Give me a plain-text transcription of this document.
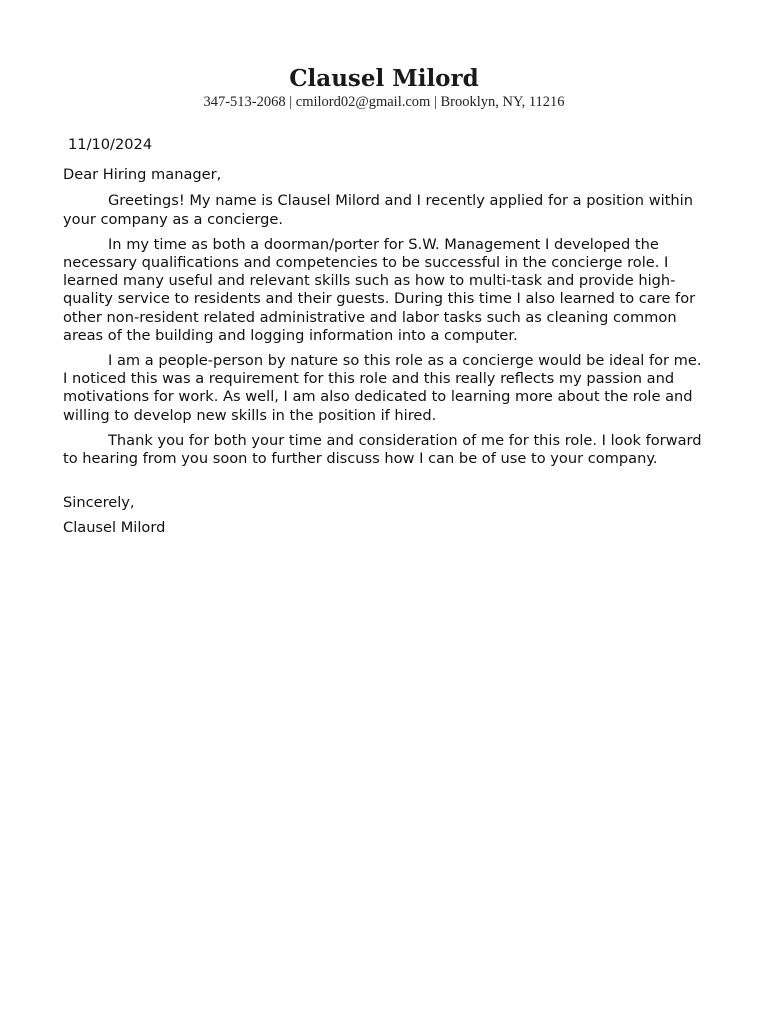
Clausel Milord
347-513-2068 | cmilord02@gmail.com | Brooklyn, NY, 11216

11/10/2024

Dear Hiring manager,

Greetings! My name is Clausel Milord and I recently applied for a position within your company as a concierge.

In my time as both a doorman/porter for S.W. Management I developed the necessary qualifications and competencies to be successful in the concierge role. I learned many useful and relevant skills such as how to multi-task and provide high-quality service to residents and their guests. During this time I also learned to care for other non-resident related administrative and labor tasks such as cleaning common areas of the building and logging information into a computer.

I am a people-person by nature so this role as a concierge would be ideal for me. I noticed this was a requirement for this role and this really reflects my passion and motivations for work. As well, I am also dedicated to learning more about the role and willing to develop new skills in the position if hired.

Thank you for both your time and consideration of me for this role. I look forward to hearing from you soon to further discuss how I can be of use to your company.

Sincerely,

Clausel Milord
